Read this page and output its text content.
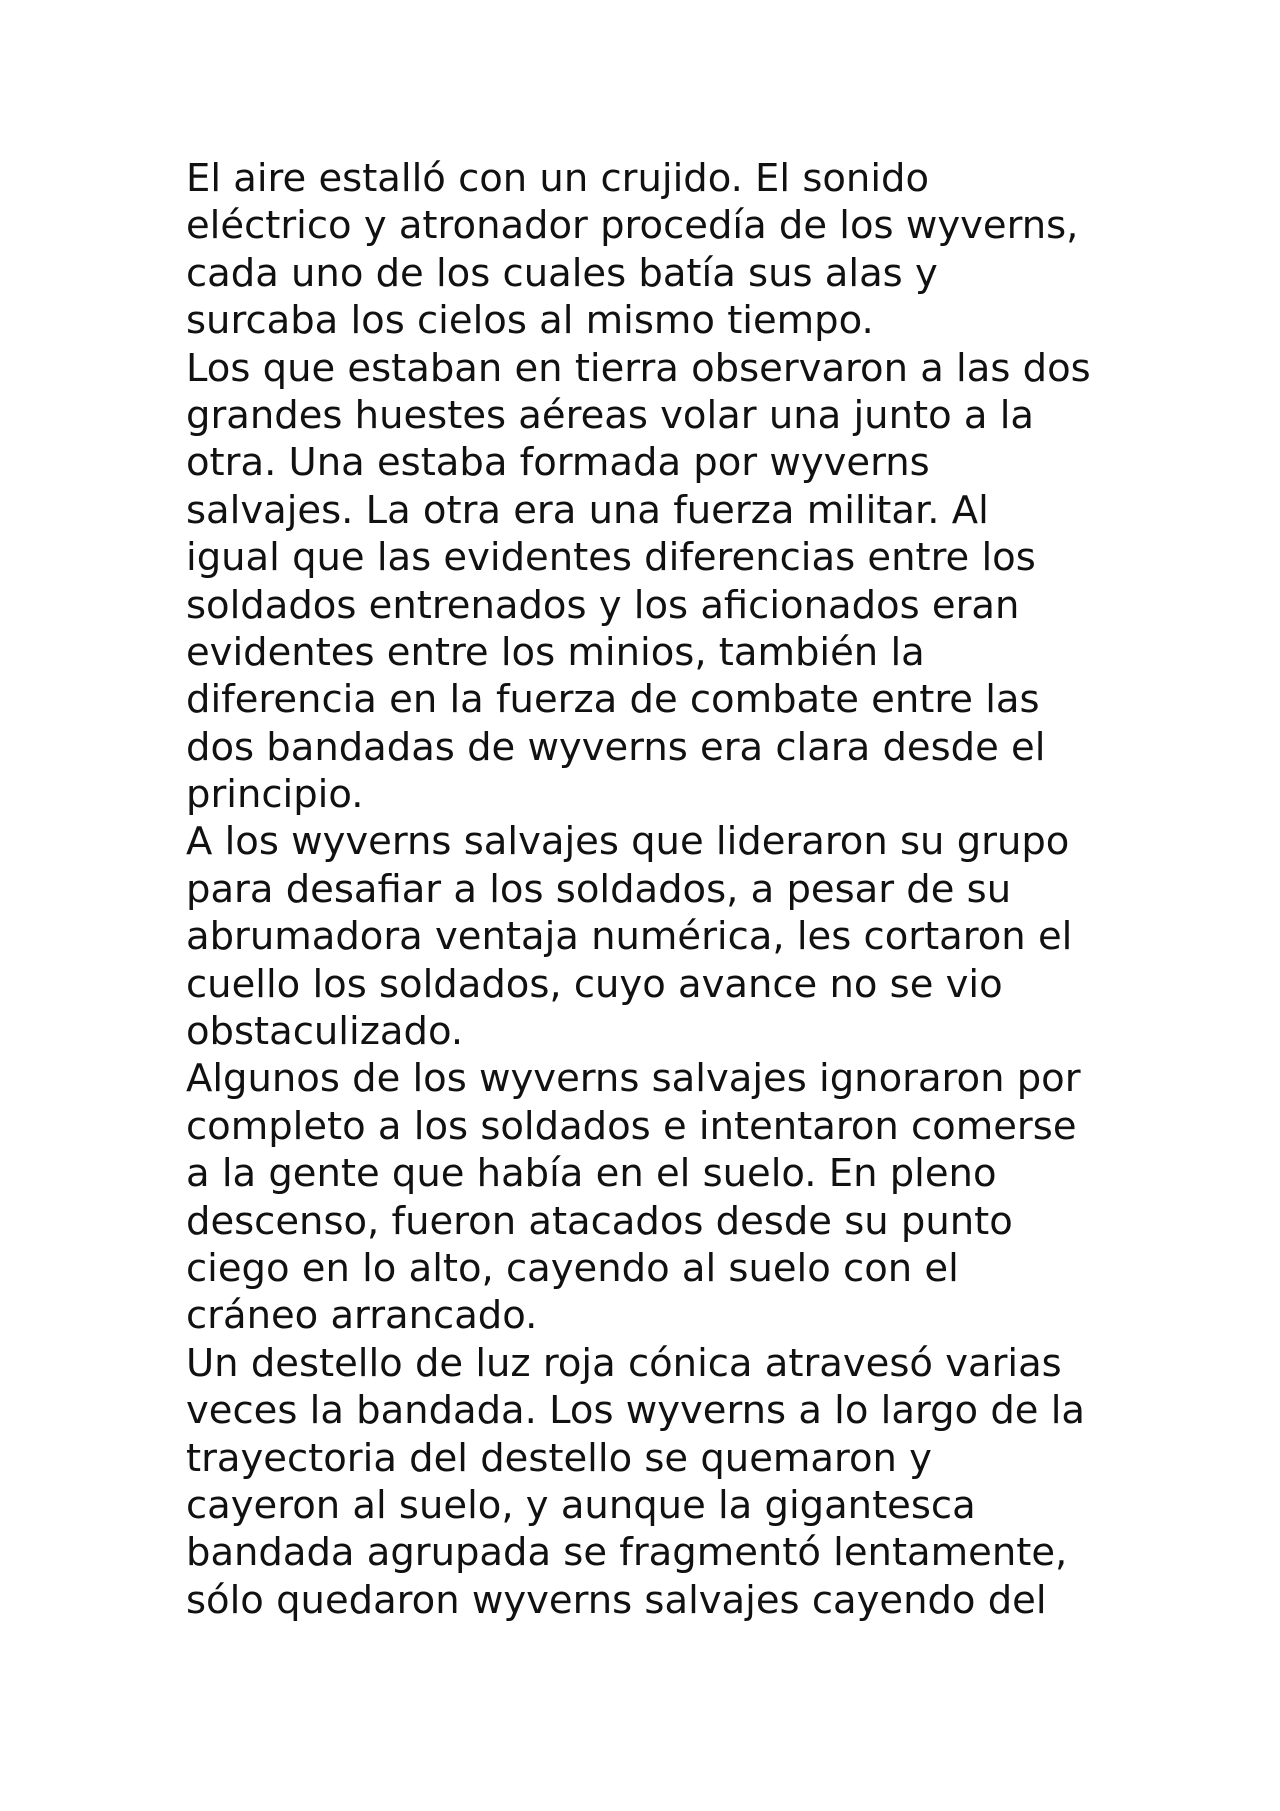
El aire estalló con un crujido. El sonido
eléctrico y atronador procedía de los wyverns,
cada uno de los cuales batía sus alas y
surcaba los cielos al mismo tiempo.
Los que estaban en tierra observaron a las dos
grandes huestes aéreas volar una junto a la
otra. Una estaba formada por wyverns
salvajes. La otra era una fuerza militar. Al
igual que las evidentes diferencias entre los
soldados entrenados y los aficionados eran
evidentes entre los minios, también la
diferencia en la fuerza de combate entre las
dos bandadas de wyverns era clara desde el
principio.
A los wyverns salvajes que lideraron su grupo
para desafiar a los soldados, a pesar de su
abrumadora ventaja numérica, les cortaron el
cuello los soldados, cuyo avance no se vio
obstaculizado.
Algunos de los wyverns salvajes ignoraron por
completo a los soldados e intentaron comerse
a la gente que había en el suelo. En pleno
descenso, fueron atacados desde su punto
ciego en lo alto, cayendo al suelo con el
cráneo arrancado.
Un destello de luz roja cónica atravesó varias
veces la bandada. Los wyverns a lo largo de la
trayectoria del destello se quemaron y
cayeron al suelo, y aunque la gigantesca
bandada agrupada se fragmentó lentamente,
sólo quedaron wyverns salvajes cayendo del
